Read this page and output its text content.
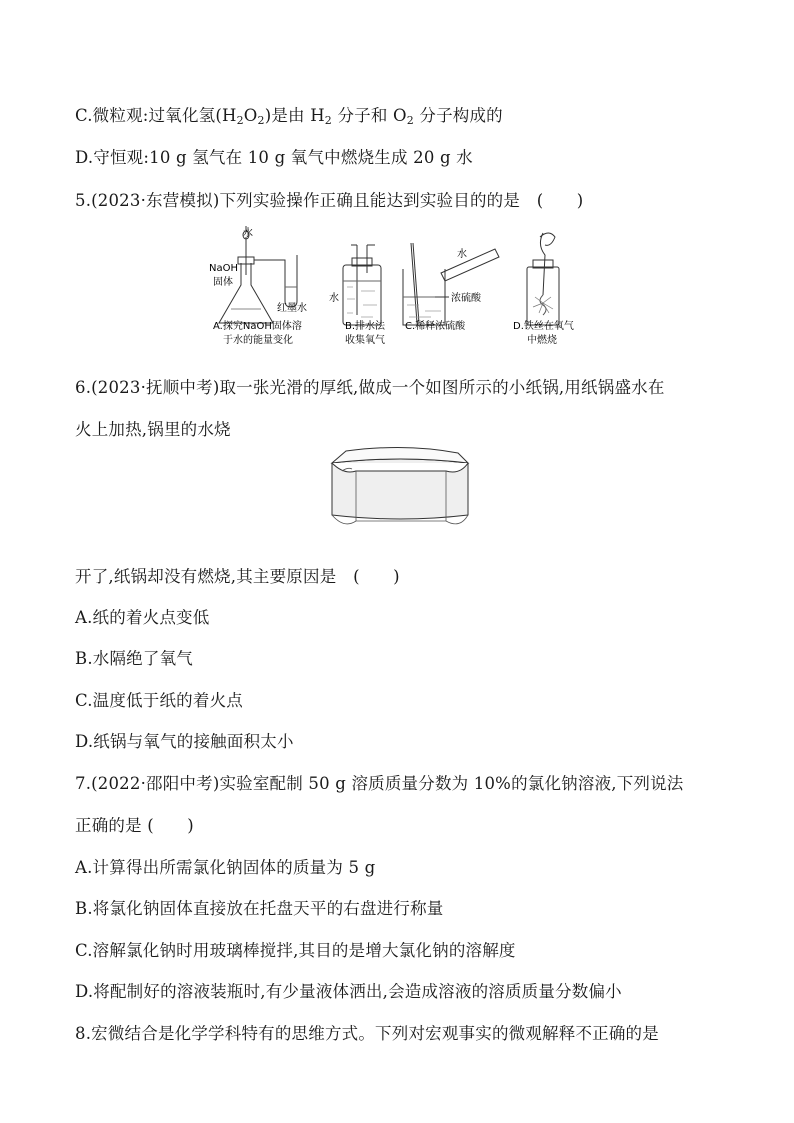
C.微粒观:过氧化氢$(H_2O_2)$是由 $H_2$ 分子和 $O_2$ 分子构成的
D.守恒观:10 g 氢气在 10 g 氧气中燃烧生成 20 g 水
5.(2023·东营模拟)下列实验操作正确且能达到实验目的的是　(　　)
水
NaOH
固体
红墨水
A.探究NaOH固体溶
于水的能量变化
水
B.排水法
收集氧气
水
浓硫酸
C.稀释浓硫酸	D.铁丝在氧气
中燃烧
6.(2023·抚顺中考)取一张光滑的厚纸,做成一个如图所示的小纸锅,用纸锅盛水在
火上加热,锅里的水烧
开了,纸锅却没有燃烧,其主要原因是　(　　)
A.纸的着火点变低
B.水隔绝了氧气
C.温度低于纸的着火点
D.纸锅与氧气的接触面积太小
7.(2022·邵阳中考)实验室配制 50 g 溶质质量分数为 10%的氯化钠溶液,下列说法
正确的是 (　　)
A.计算得出所需氯化钠固体的质量为 5 g
B.将氯化钠固体直接放在托盘天平的右盘进行称量
C.溶解氯化钠时用玻璃棒搅拌,其目的是增大氯化钠的溶解度
D.将配制好的溶液装瓶时,有少量液体洒出,会造成溶液的溶质质量分数偏小
8.宏微结合是化学学科特有的思维方式。下列对宏观事实的微观解释不正确的是
